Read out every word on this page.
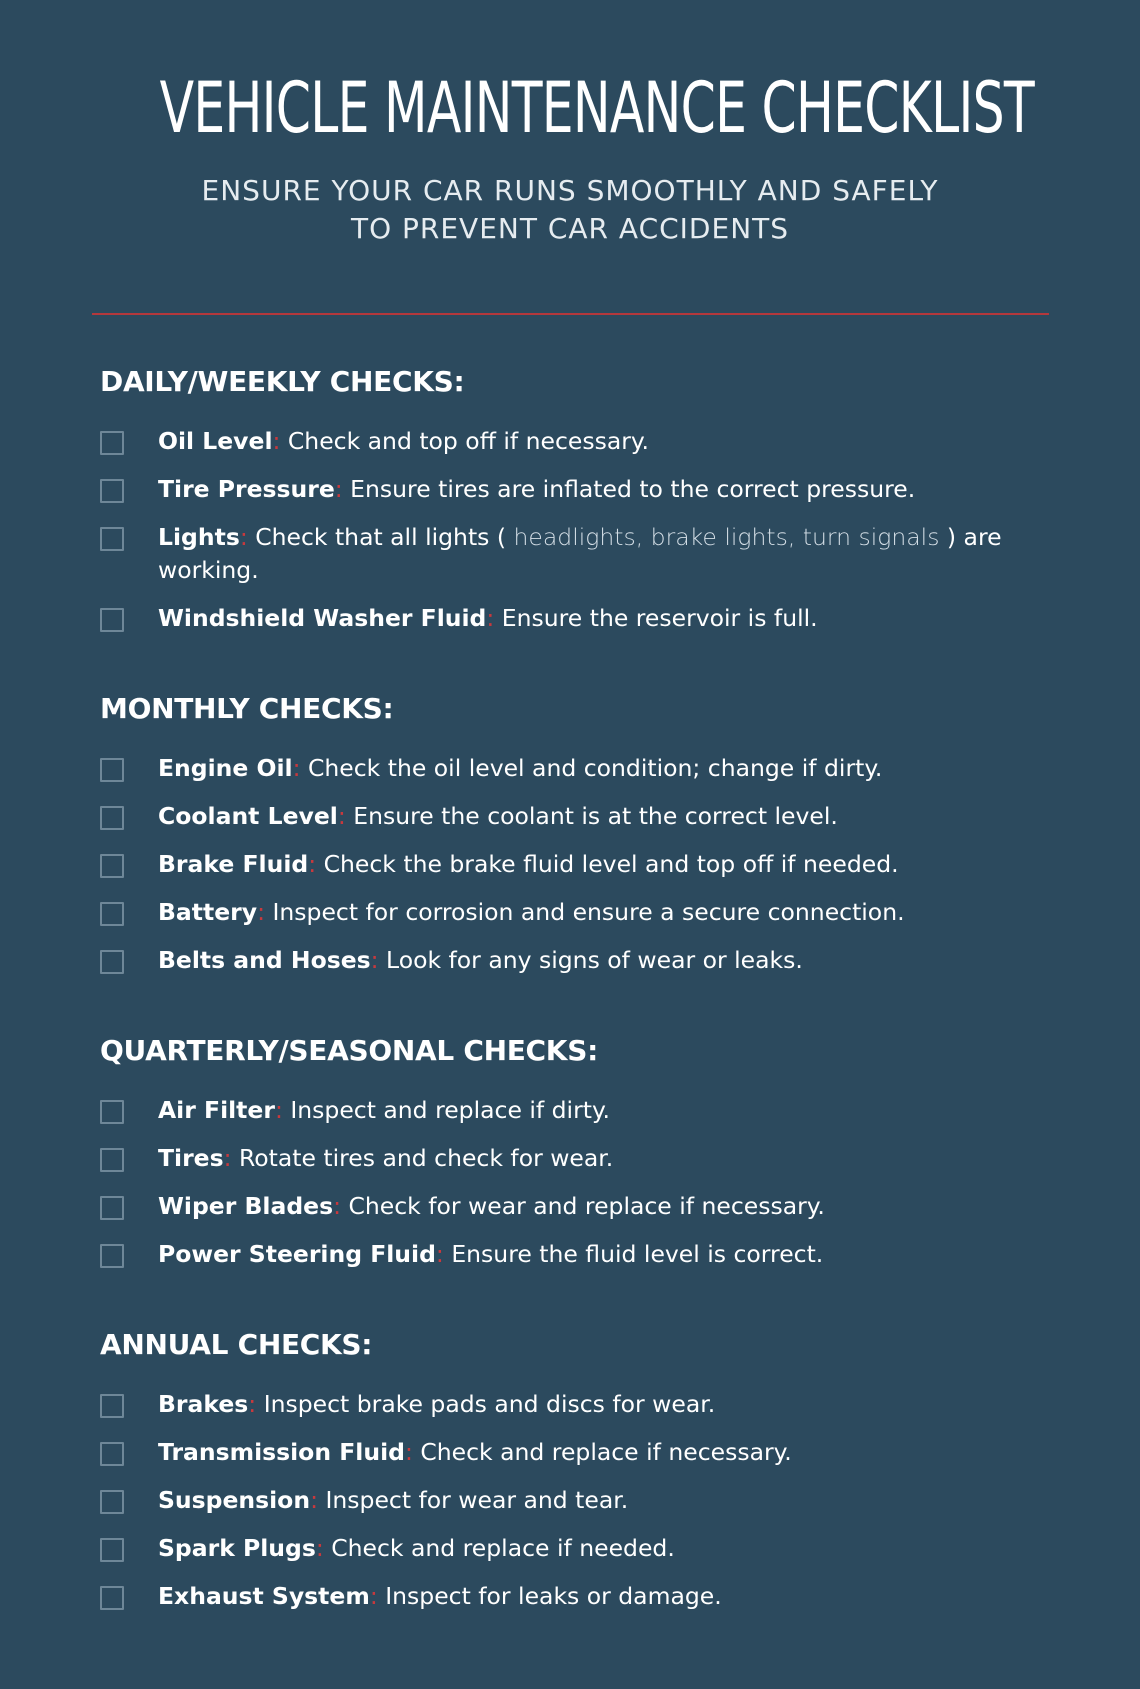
VEHICLE MAINTENANCE CHECKLIST

ENSURE YOUR CAR RUNS SMOOTHLY AND SAFELY
TO PREVENT CAR ACCIDENTS

DAILY/WEEKLY CHECKS:

Oil Level: Check and top off if necessary.

Tire Pressure: Ensure tires are inflated to the correct pressure.

Lights: Check that all lights ( headlights, brake lights, turn signals ) are working.

Windshield Washer Fluid: Ensure the reservoir is full.

MONTHLY CHECKS:

Engine Oil: Check the oil level and condition; change if dirty.

Coolant Level: Ensure the coolant is at the correct level.

Brake Fluid: Check the brake fluid level and top off if needed.

Battery: Inspect for corrosion and ensure a secure connection.

Belts and Hoses: Look for any signs of wear or leaks.

QUARTERLY/SEASONAL CHECKS:

Air Filter: Inspect and replace if dirty.

Tires: Rotate tires and check for wear.

Wiper Blades: Check for wear and replace if necessary.

Power Steering Fluid: Ensure the fluid level is correct.

ANNUAL CHECKS:

Brakes: Inspect brake pads and discs for wear.

Transmission Fluid: Check and replace if necessary.

Suspension: Inspect for wear and tear.

Spark Plugs: Check and replace if needed.

Exhaust System: Inspect for leaks or damage.
